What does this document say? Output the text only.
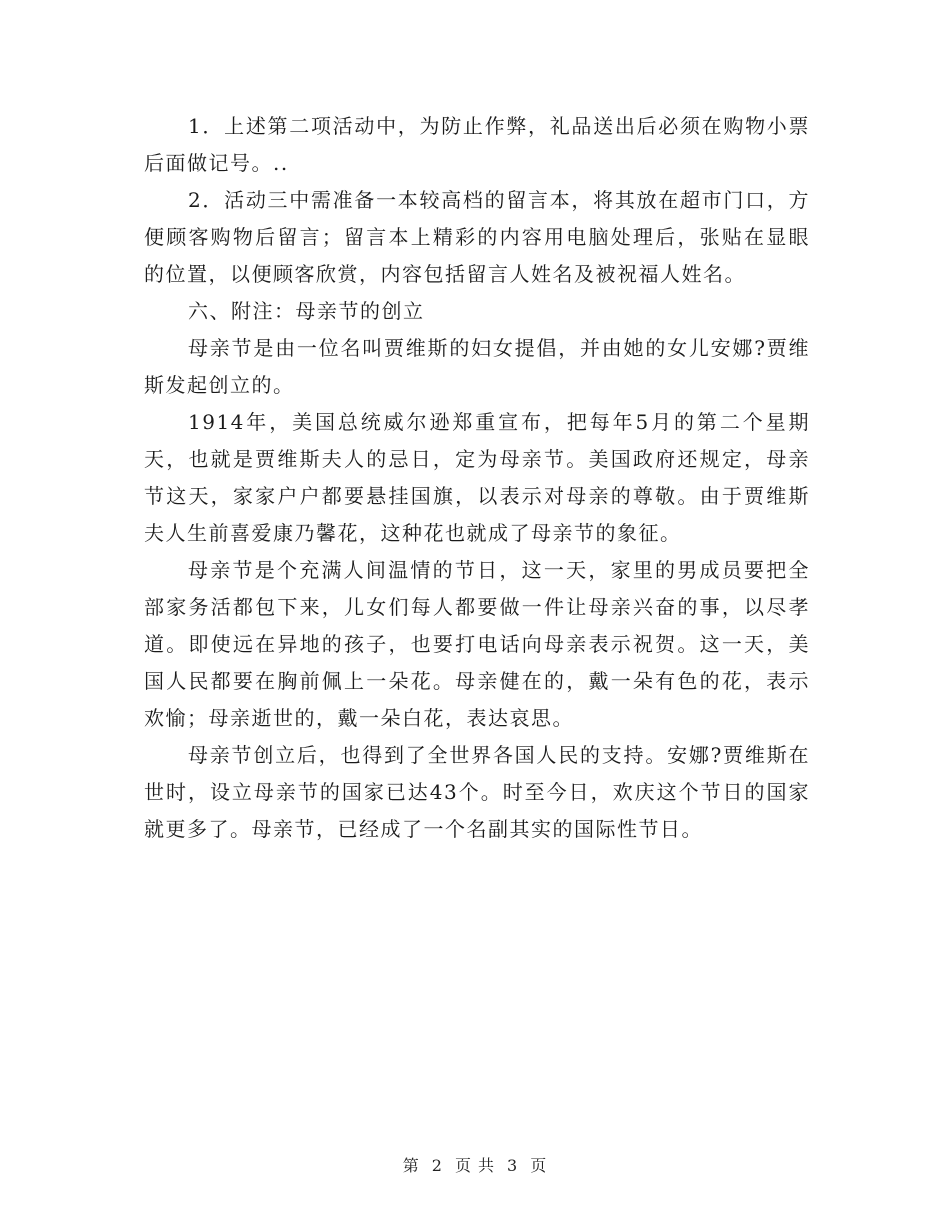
1．上述第二项活动中，为防止作弊，礼品送出后必须在购物小票后面做记号。..

2．活动三中需准备一本较高档的留言本，将其放在超市门口，方便顾客购物后留言；留言本上精彩的内容用电脑处理后，张贴在显眼的位置，以便顾客欣赏，内容包括留言人姓名及被祝福人姓名。

六、附注：母亲节的创立

母亲节是由一位名叫贾维斯的妇女提倡，并由她的女儿安娜?贾维斯发起创立的。

1914年，美国总统威尔逊郑重宣布，把每年5月的第二个星期天，也就是贾维斯夫人的忌日，定为母亲节。美国政府还规定，母亲节这天，家家户户都要悬挂国旗，以表示对母亲的尊敬。由于贾维斯夫人生前喜爱康乃馨花，这种花也就成了母亲节的象征。

母亲节是个充满人间温情的节日，这一天，家里的男成员要把全部家务活都包下来，儿女们每人都要做一件让母亲兴奋的事，以尽孝道。即使远在异地的孩子，也要打电话向母亲表示祝贺。这一天，美国人民都要在胸前佩上一朵花。母亲健在的，戴一朵有色的花，表示欢愉；母亲逝世的，戴一朵白花，表达哀思。

母亲节创立后，也得到了全世界各国人民的支持。安娜?贾维斯在世时，设立母亲节的国家已达43个。时至今日，欢庆这个节日的国家就更多了。母亲节，已经成了一个名副其实的国际性节日。

第 2 页 共 3 页
